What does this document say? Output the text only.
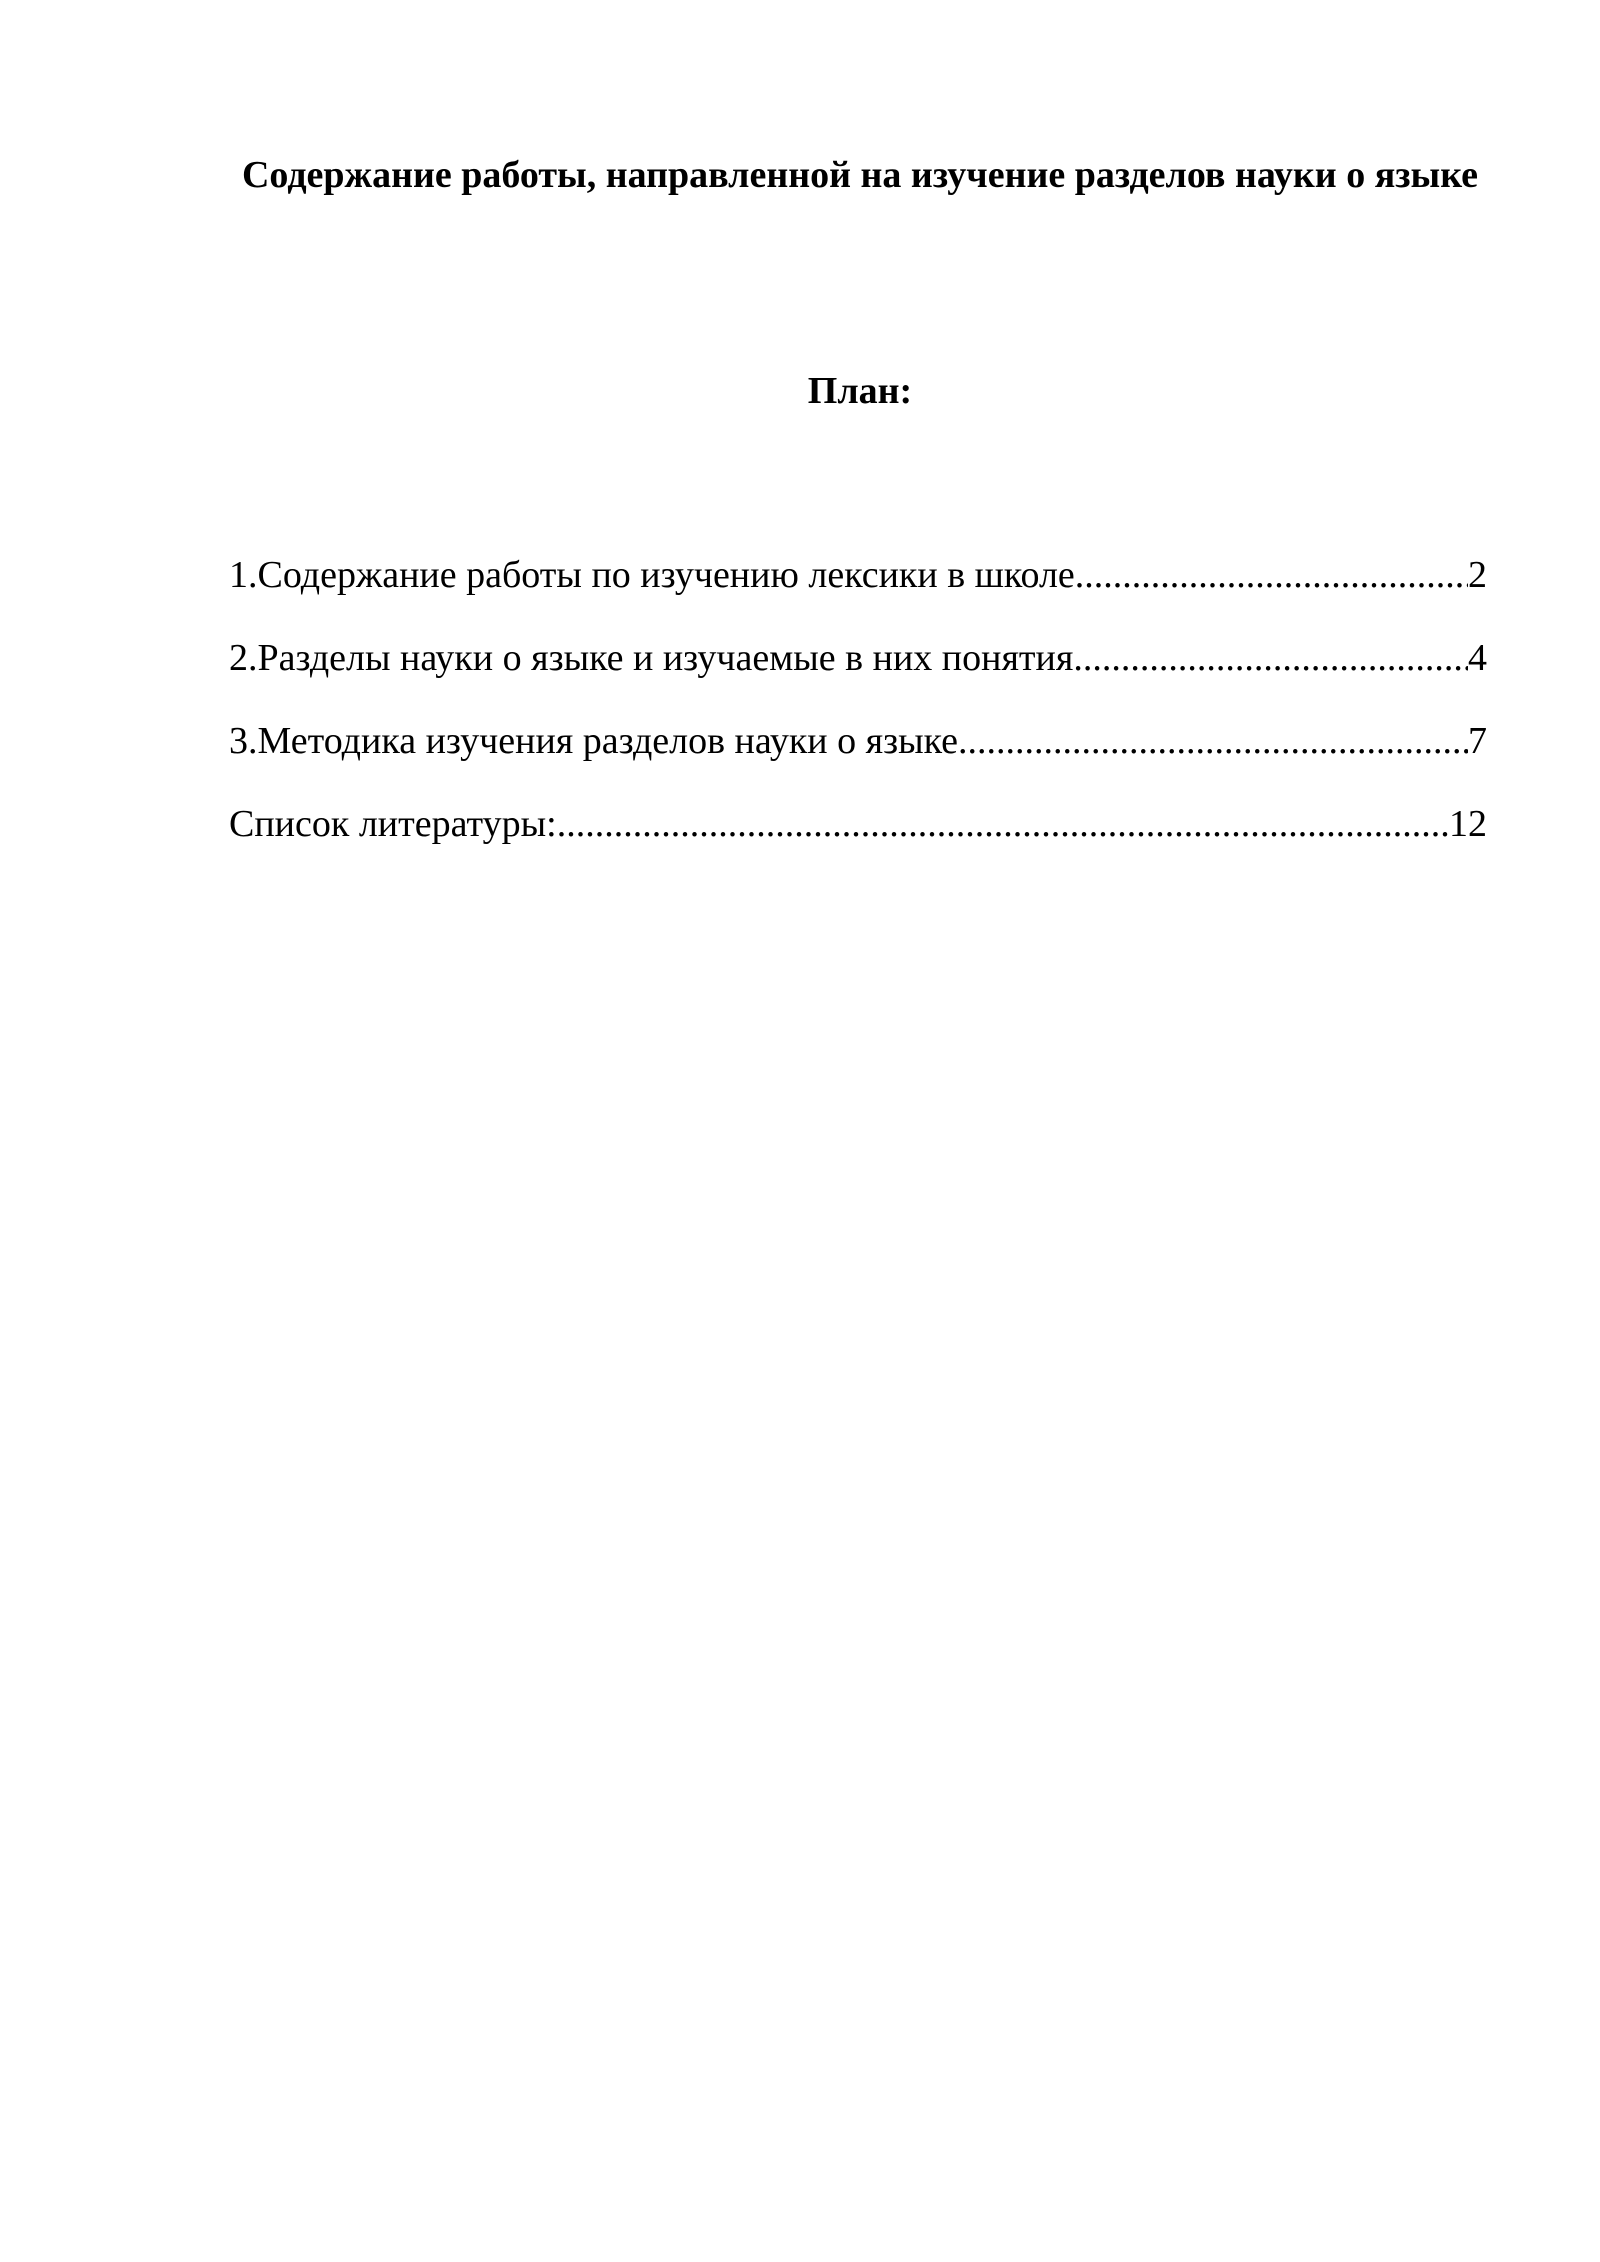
Содержание работы, направленной на изучение разделов науки о языке
План:
1.Содержание работы по изучению лексики в школе .....	2
2.Разделы науки о языке и изучаемые в них понятия .....	4
3.Методика изучения разделов науки о языке .....	7
Список литературы: .....	12
